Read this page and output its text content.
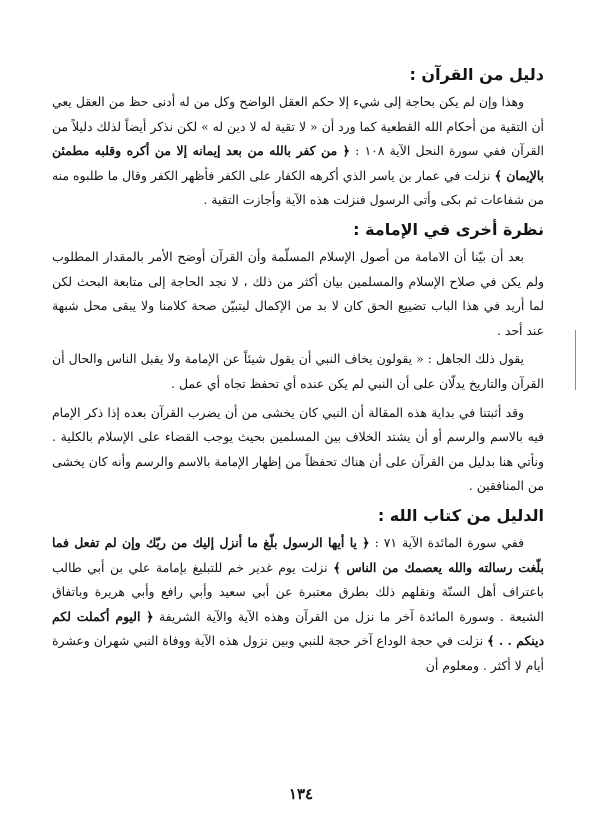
دليل من القرآن :

وهذا وإن لم يكن بحاجة إلى شيء إلا حكم العقل الواضح وكل من له أدنى حظ من العقل يعي أن التقية من أحكام الله القطعية كما ورد أن « لا تقية له لا دين له » لكن نذكر أيضاً لذلك دليلاً من القرآن ففي سورة النحل الآية ١٠٨ : ﴿ من كفر بالله من بعد إيمانه إلا من أكره وقلبه مطمئن بالإيمان ﴾ نزلت في عمار بن ياسر الذي أكرهه الكفار على الكفر فأظهر الكفر وقال ما طلبوه منه من شفاعات ثم بكى وأتى الرسول فنزلت هذه الآية وأجازت التقية .

نظرة أخرى في الإمامة :

بعد أن بيّنا أن الامامة من أصول الإسلام المسلّمة وأن القرآن أوضح الأمر بالمقدار المطلوب ولم يكن في صلاح الإسلام والمسلمين بيان أكثر من ذلك ، لا نجد الحاجة إلى متابعة البحث لكن لما أريد في هذا الباب تضييع الحق كان لا بد من الإكمال ليتبيّن صحة كلامنا ولا يبقى محل شبهة عند أحد .

يقول ذلك الجاهل : « يقولون يخاف النبي أن يقول شيئاً عن الإمامة ولا يقبل الناس والحال أن القرآن والتاريخ يدلّان على أن النبي لم يكن عنده أي تحفظ تجاه أي عمل .

وقد أثبتنا في بداية هذه المقالة أن النبي كان يخشى من أن يضرب القرآن بعده إذا ذكر الإمام فيه بالاسم والرسم أو أن يشتد الخلاف بين المسلمين بحيث يوجب القضاء على الإسلام بالكلية . ونأتي هنا بدليل من القرآن على أن هناك تحفظاً من إظهار الإمامة بالاسم والرسم وأنه كان يخشى من المنافقين .

الدليل من كتاب الله :

ففي سورة المائدة الآية ٧١ : ﴿ يا أيها الرسول بلّغ ما أنزل إليك من ربّك وإن لم تفعل فما بلّغت رسالته والله يعصمك من الناس ﴾ نزلت يوم غدير خم للتبليغ بإمامة علي بن أبي طالب باعتراف أهل السنّة ونقلهم ذلك بطرق معتبرة عن أبي سعيد وأبي رافع وأبي هريرة وباتفاق الشيعة . وسورة المائدة آخر ما نزل من القرآن وهذه الآية والآية الشريفة ﴿ اليوم أكملت لكم دينكم . . ﴾ نزلت في حجة الوداع آخر حجة للنبي وبين نزول هذه الآية ووفاة النبي شهران وعشرة أيام لا أكثر . ومعلوم أن

١٣٤
